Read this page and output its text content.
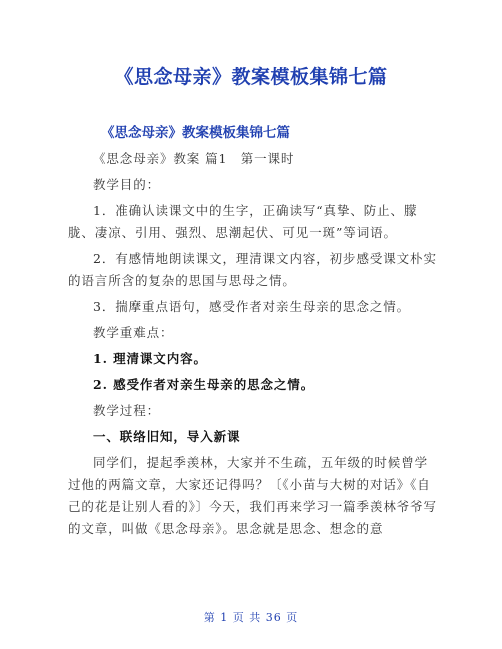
《思念母亲》教案模板集锦七篇
《思念母亲》教案模板集锦七篇

《思念母亲》教案 篇1　第一课时

教学目的：

1．准确认读课文中的生字，正确读写“真挚、防止、朦胧、凄凉、引用、强烈、思潮起伏、可见一斑”等词语。

2．有感情地朗读课文，理清课文内容，初步感受课文朴实的语言所含的复杂的思国与思母之情。

3．揣摩重点语句，感受作者对亲生母亲的思念之情。

教学重难点：

1. 理清课文内容。

2. 感受作者对亲生母亲的思念之情。

教学过程：

一、联络旧知，导入新课

同学们，提起季羡林，大家并不生疏，五年级的时候曾学过他的两篇文章，大家还记得吗？〔《小苗与大树的对话》《自己的花是让别人看的》〕今天，我们再来学习一篇季羡林爷爷写的文章，叫做《思念母亲》。思念就是思念、想念的意

第 1 页 共 36 页
